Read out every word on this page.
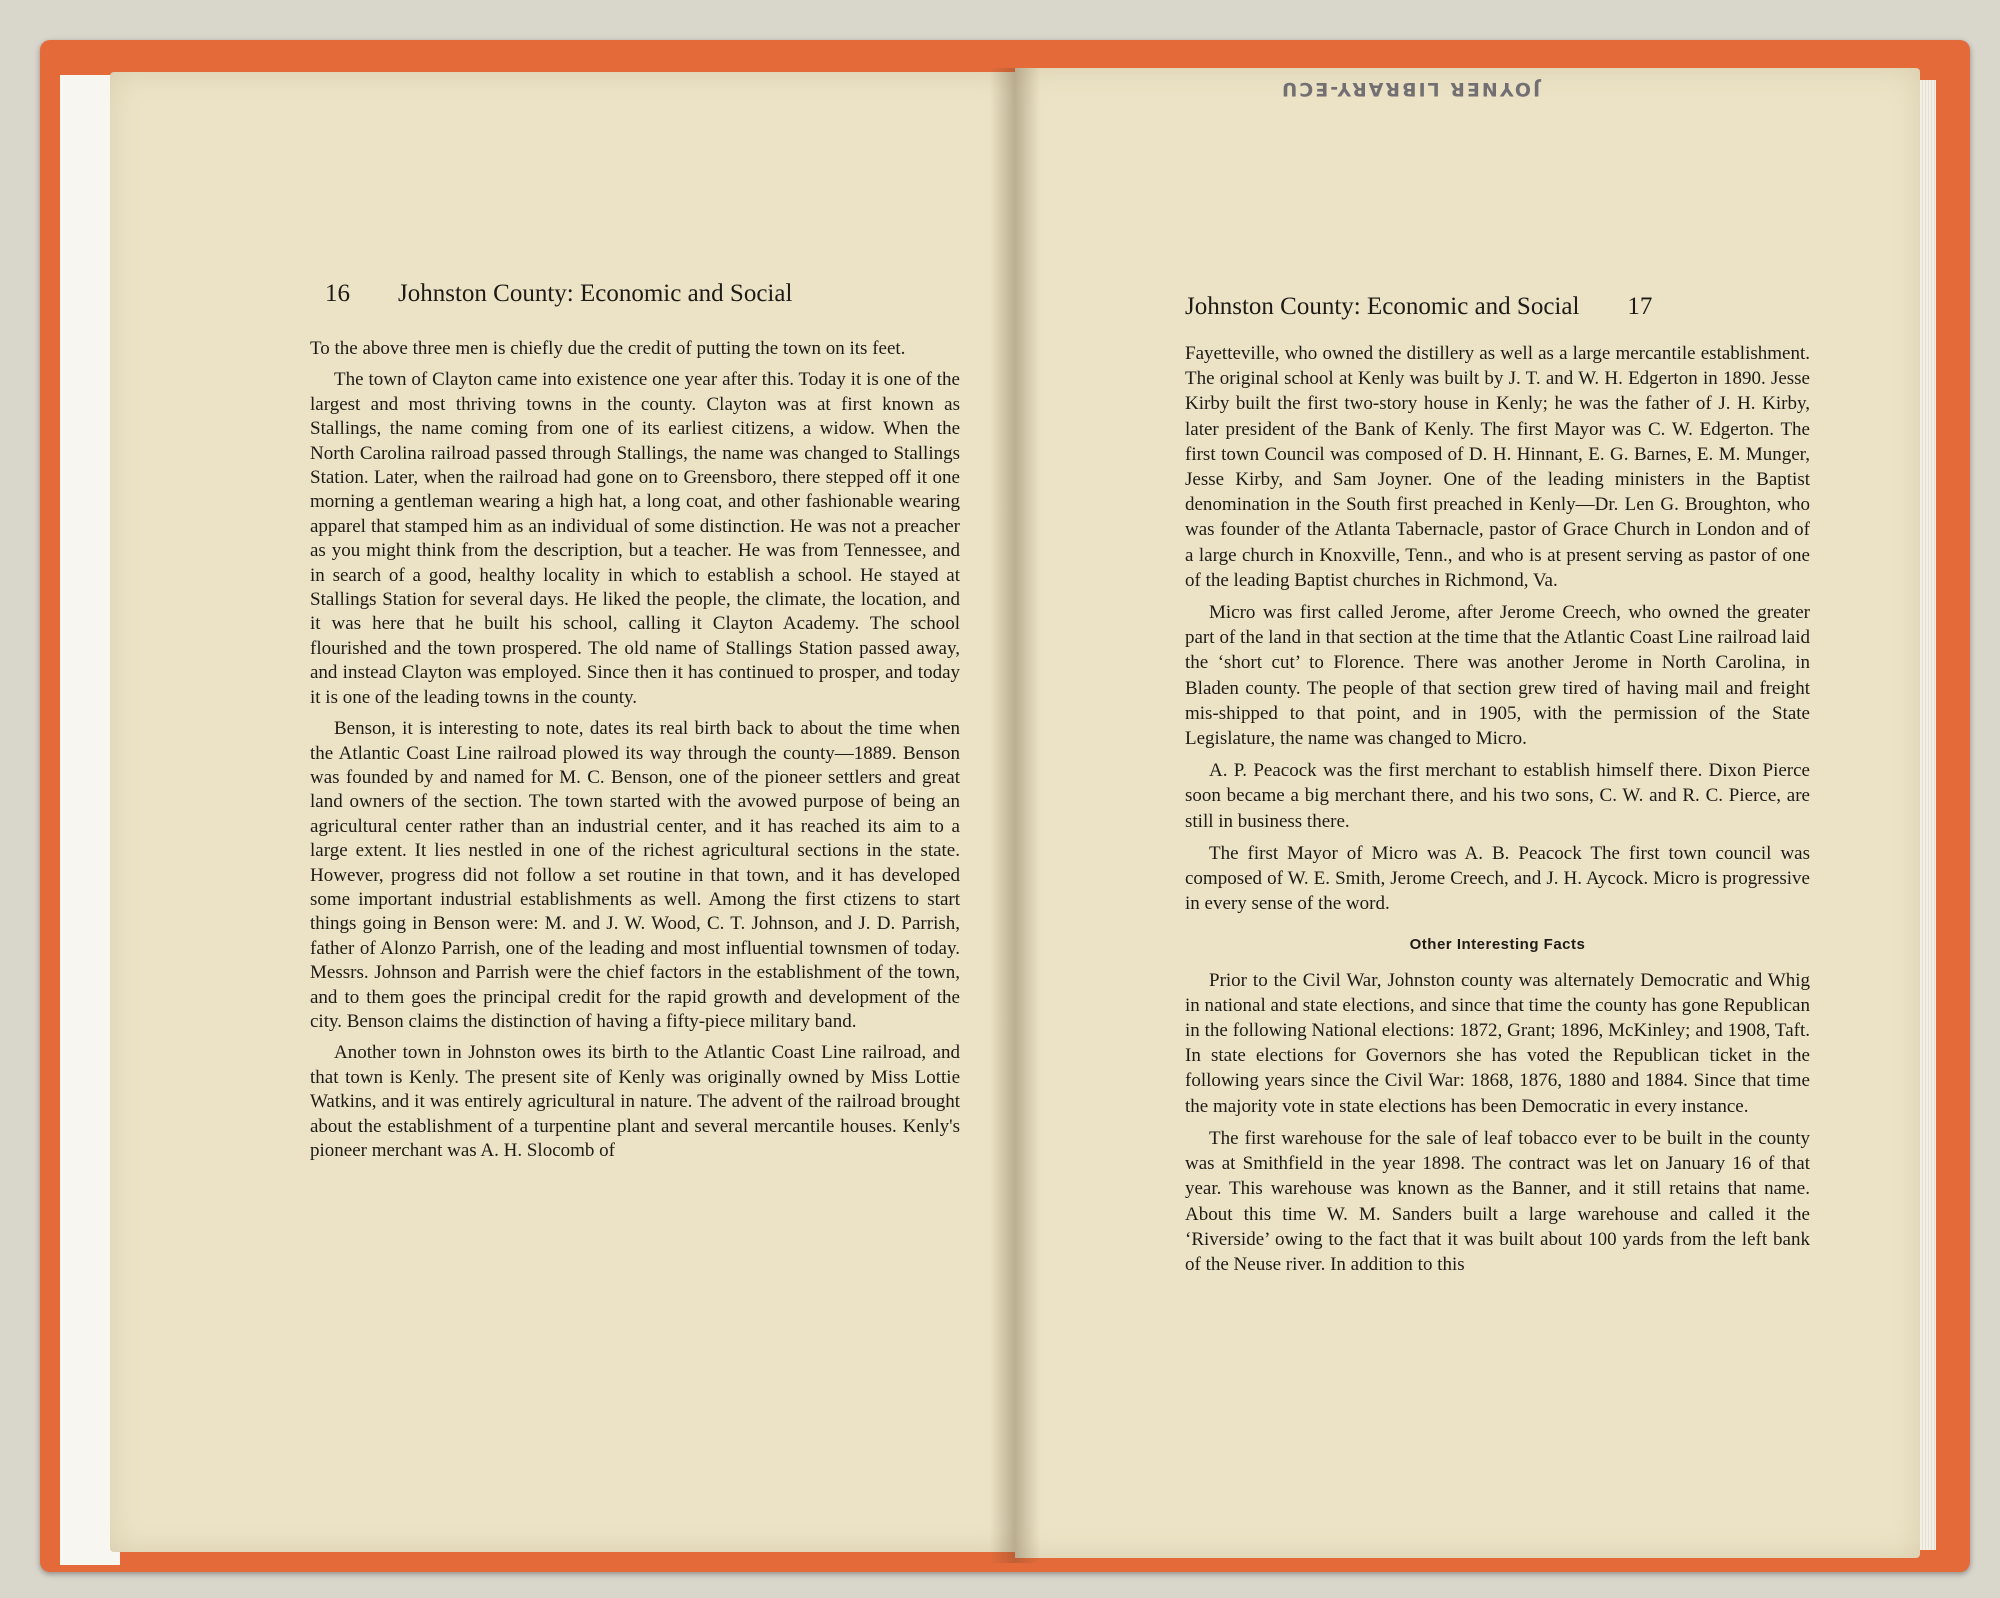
16 Johnston County: Economic and Social

To the above three men is chiefly due the credit of putting the town on its feet.

The town of Clayton came into existence one year after this. Today it is one of the largest and most thriving towns in the county. Clayton was at first known as Stallings, the name coming from one of its earliest citizens, a widow. When the North Carolina railroad passed through Stallings, the name was changed to Stallings Station. Later, when the railroad had gone on to Greensboro, there stepped off it one morning a gentleman wearing a high hat, a long coat, and other fashionable wearing apparel that stamped him as an individual of some distinction. He was not a preacher as you might think from the description, but a teacher. He was from Tennessee, and in search of a good, healthy locality in which to establish a school. He stayed at Stallings Station for several days. He liked the people, the climate, the location, and it was here that he built his school, calling it Clayton Academy. The school flourished and the town prospered. The old name of Stallings Station passed away, and instead Clayton was employed. Since then it has continued to prosper, and today it is one of the leading towns in the county.

Benson, it is interesting to note, dates its real birth back to about the time when the Atlantic Coast Line railroad plowed its way through the county—1889. Benson was founded by and named for M. C. Benson, one of the pioneer settlers and great land owners of the section. The town started with the avowed purpose of being an agricultural center rather than an industrial center, and it has reached its aim to a large extent. It lies nestled in one of the richest agricultural sections in the state. However, progress did not follow a set routine in that town, and it has developed some important industrial establishments as well. Among the first ctizens to start things going in Benson were: M. and J. W. Wood, C. T. Johnson, and J. D. Parrish, father of Alonzo Parrish, one of the leading and most influential townsmen of today. Messrs. Johnson and Parrish were the chief factors in the establishment of the town, and to them goes the principal credit for the rapid growth and development of the city. Benson claims the distinction of having a fifty-piece military band.

Another town in Johnston owes its birth to the Atlantic Coast Line railroad, and that town is Kenly. The present site of Kenly was originally owned by Miss Lottie Watkins, and it was entirely agricultural in nature. The advent of the railroad brought about the establishment of a turpentine plant and several mercantile houses. Kenly's pioneer merchant was A. H. Slocomb of

Johnston County: Economic and Social 17

Fayetteville, who owned the distillery as well as a large mercantile establishment. The original school at Kenly was built by J. T. and W. H. Edgerton in 1890. Jesse Kirby built the first two-story house in Kenly; he was the father of J. H. Kirby, later president of the Bank of Kenly. The first Mayor was C. W. Edgerton. The first town Council was composed of D. H. Hinnant, E. G. Barnes, E. M. Munger, Jesse Kirby, and Sam Joyner. One of the leading ministers in the Baptist denomination in the South first preached in Kenly—Dr. Len G. Broughton, who was founder of the Atlanta Tabernacle, pastor of Grace Church in London and of a large church in Knoxville, Tenn., and who is at present serving as pastor of one of the leading Baptist churches in Richmond, Va.

Micro was first called Jerome, after Jerome Creech, who owned the greater part of the land in that section at the time that the Atlantic Coast Line railroad laid the ‘short cut’ to Florence. There was another Jerome in North Carolina, in Bladen county. The people of that section grew tired of having mail and freight mis-shipped to that point, and in 1905, with the permission of the State Legislature, the name was changed to Micro.

A. P. Peacock was the first merchant to establish himself there. Dixon Pierce soon became a big merchant there, and his two sons, C. W. and R. C. Pierce, are still in business there.

The first Mayor of Micro was A. B. Peacock The first town council was composed of W. E. Smith, Jerome Creech, and J. H. Aycock. Micro is progressive in every sense of the word.

Other Interesting Facts

Prior to the Civil War, Johnston county was alternately Democratic and Whig in national and state elections, and since that time the county has gone Republican in the following National elections: 1872, Grant; 1896, McKinley; and 1908, Taft. In state elections for Governors she has voted the Republican ticket in the following years since the Civil War: 1868, 1876, 1880 and 1884. Since that time the majority vote in state elections has been Democratic in every instance.

The first warehouse for the sale of leaf tobacco ever to be built in the county was at Smithfield in the year 1898. The contract was let on January 16 of that year. This warehouse was known as the Banner, and it still retains that name. About this time W. M. Sanders built a large warehouse and called it the ‘Riverside’ owing to the fact that it was built about 100 yards from the left bank of the Neuse river. In addition to this

JOYNER LIBRARY-ECU
